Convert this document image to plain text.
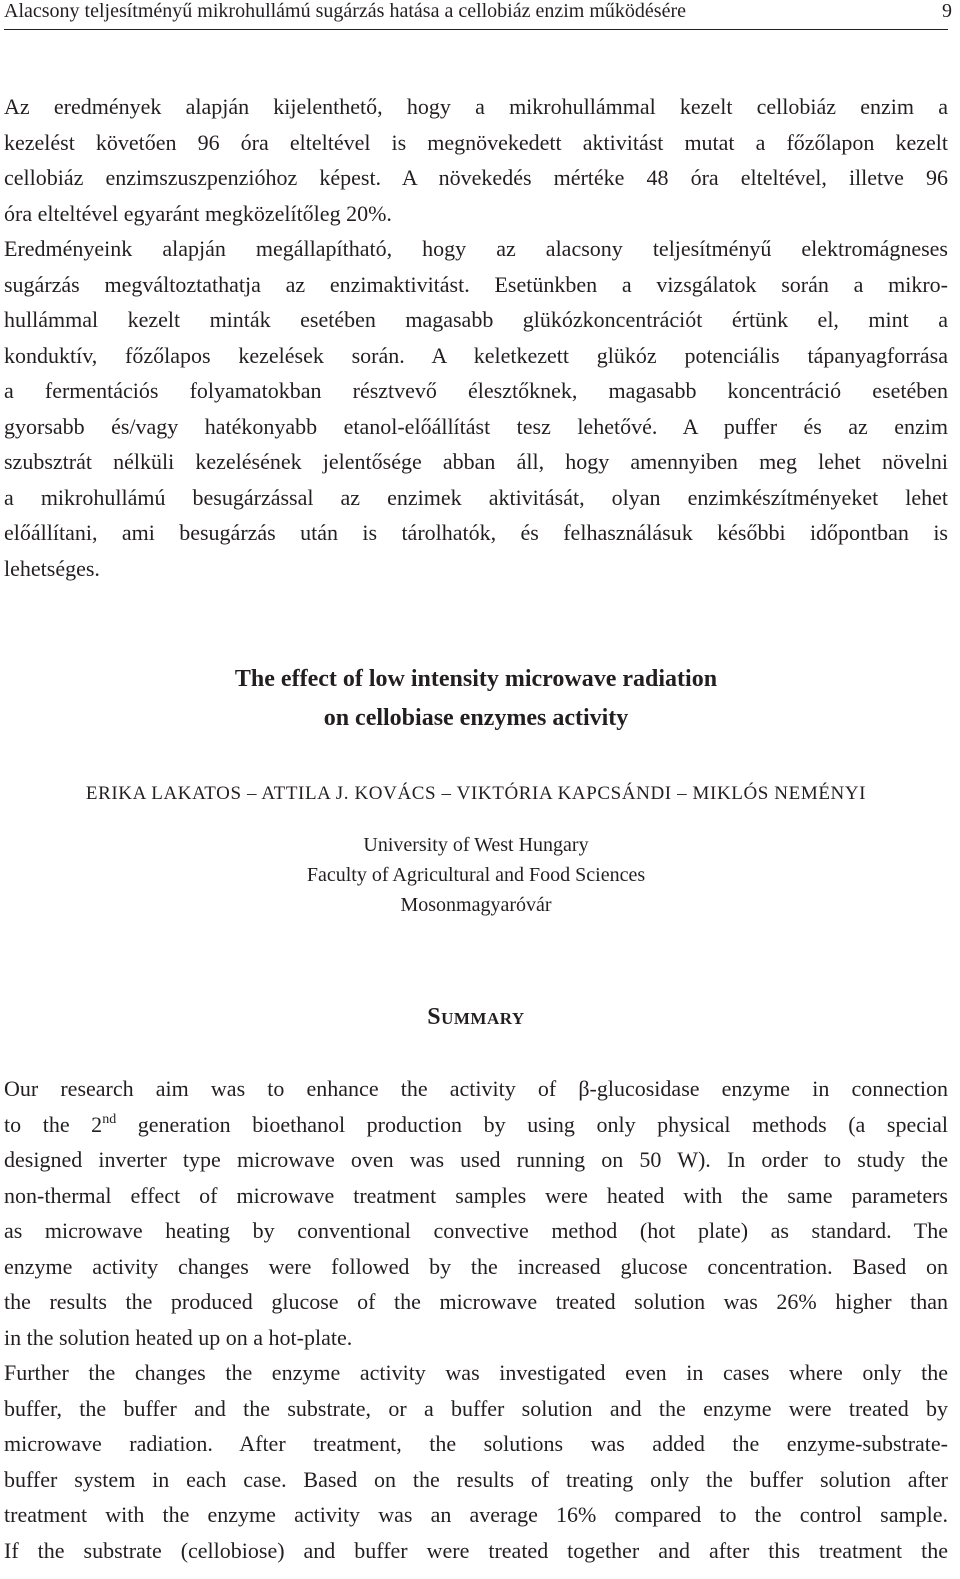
Alacsony teljesítményű mikrohullámú sugárzás hatása a cellobiáz enzim működésére	9
Az eredmények alapján kijelenthető, hogy a mikrohullámmal kezelt cellobiáz enzim a
kezelést követően 96 óra elteltével is megnövekedett aktivitást mutat a főzőlapon kezelt
cellobiáz enzimszuszpenzióhoz képest. A növekedés mértéke 48 óra elteltével, illetve 96
óra elteltével egyaránt megközelítőleg 20%.
Eredményeink alapján megállapítható, hogy az alacsony teljesítményű elektromágneses
sugárzás megváltoztathatja az enzimaktivitást. Esetünkben a vizsgálatok során a mikro-
hullámmal kezelt minták esetében magasabb glükózkoncentrációt értünk el, mint a
konduktív, főzőlapos kezelések során. A keletkezett glükóz potenciális tápanyagforrása
a fermentációs folyamatokban résztvevő élesztőknek, magasabb koncentráció esetében
gyorsabb és/vagy hatékonyabb etanol-előállítást tesz lehetővé. A puffer és az enzim
szubsztrát nélküli kezelésének jelentősége abban áll, hogy amennyiben meg lehet növelni
a mikrohullámú besugárzással az enzimek aktivitását, olyan enzimkészítményeket lehet
előállítani, ami besugárzás után is tárolhatók, és felhasználásuk későbbi időpontban is
lehetséges.
The effect of low intensity microwave radiation
on cellobiase enzymes activity

ERIKA LAKATOS – ATTILA J. KOVÁCS – VIKTÓRIA KAPCSÁNDI – MIKLÓS NEMÉNYI

University of West Hungary
Faculty of Agricultural and Food Sciences
Mosonmagyaróvár

Summary
Our research aim was to enhance the activity of β-glucosidase enzyme in connection
to the 2nd generation bioethanol production by using only physical methods (a special
designed inverter type microwave oven was used running on 50 W). In order to study the
non-thermal effect of microwave treatment samples were heated with the same parameters
as microwave heating by conventional convective method (hot plate) as standard. The
enzyme activity changes were followed by the increased glucose concentration. Based on
the results the produced glucose of the microwave treated solution was 26% higher than
in the solution heated up on a hot-plate.
Further the changes the enzyme activity was investigated even in cases where only the
buffer, the buffer and the substrate, or a buffer solution and the enzyme were treated by
microwave radiation. After treatment, the solutions was added the enzyme-substrate-
buffer system in each case. Based on the results of treating only the buffer solution after
treatment with the enzyme activity was an average 16% compared to the control sample.
If the substrate (cellobiose) and buffer were treated together and after this treatment the
